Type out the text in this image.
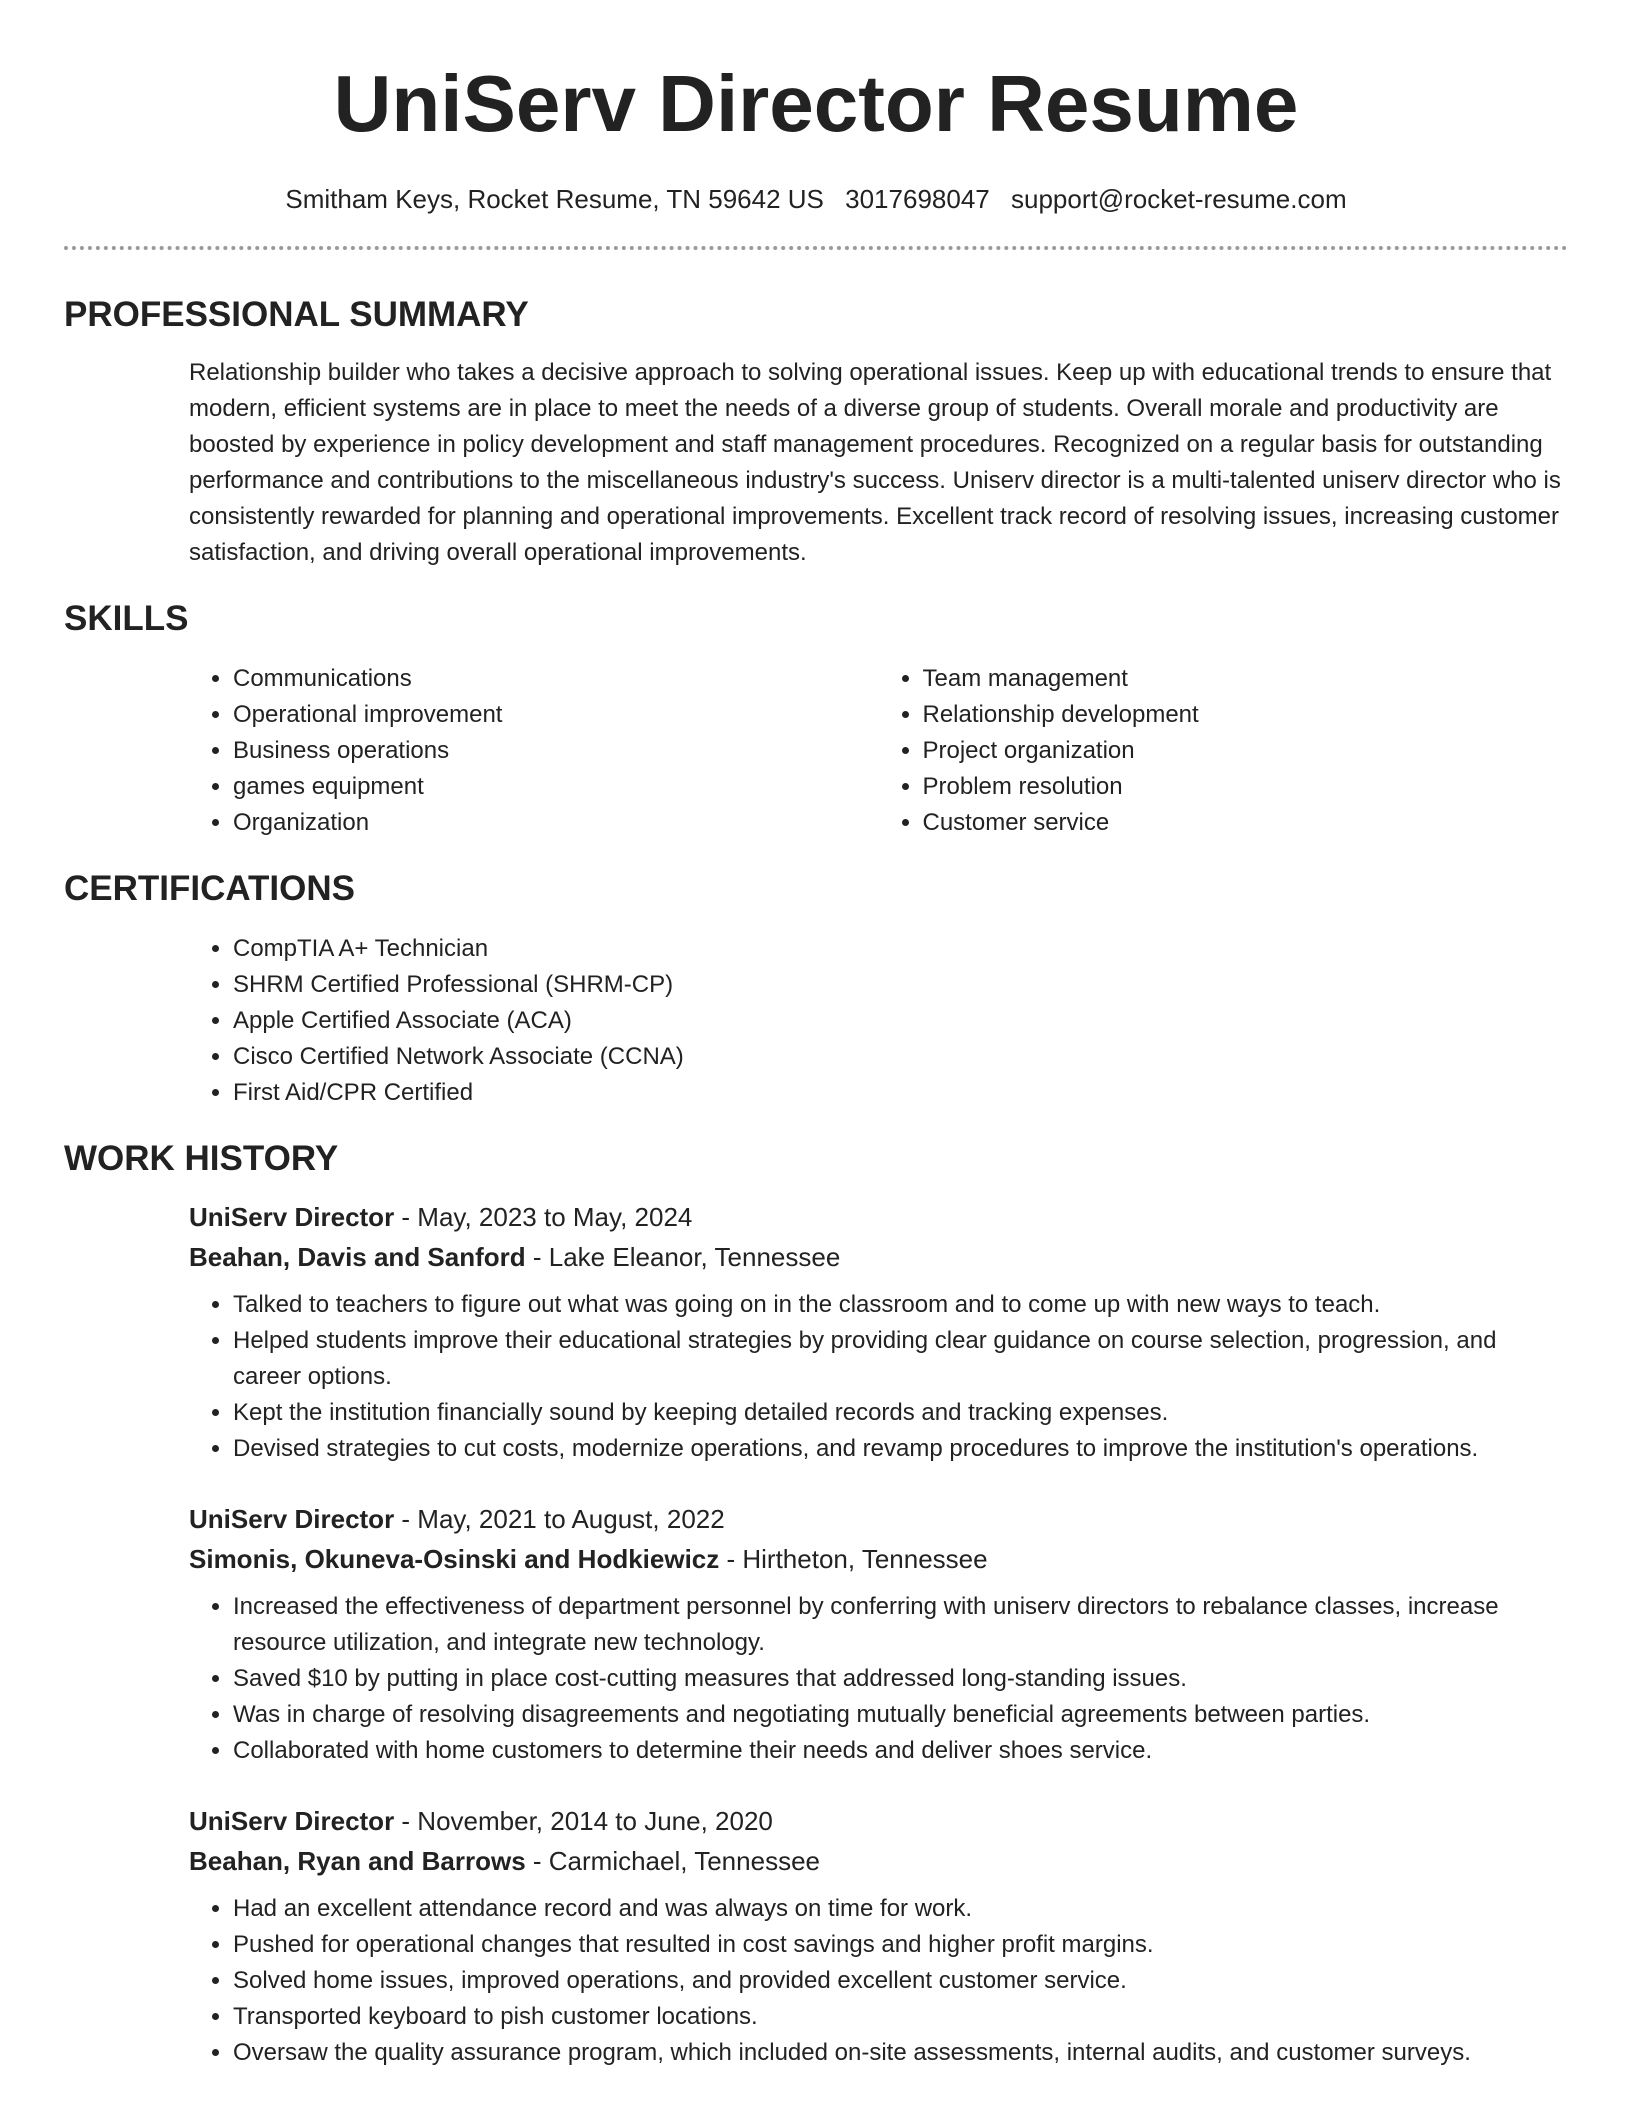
UniServ Director Resume
Smitham Keys, Rocket Resume, TN 59642 US 3017698047 support@rocket-resume.com
PROFESSIONAL SUMMARY

Relationship builder who takes a decisive approach to solving operational issues. Keep up with educational trends to ensure that modern, efficient systems are in place to meet the needs of a diverse group of students. Overall morale and productivity are boosted by experience in policy development and staff management procedures. Recognized on a regular basis for outstanding performance and contributions to the miscellaneous industry's success. Uniserv director is a multi-talented uniserv director who is consistently rewarded for planning and operational improvements. Excellent track record of resolving issues, increasing customer satisfaction, and driving overall operational improvements.

SKILLS
• Communications
• Operational improvement
• Business operations
• games equipment
• Organization
• Team management
• Relationship development
• Project organization
• Problem resolution
• Customer service
CERTIFICATIONS
• CompTIA A+ Technician
• SHRM Certified Professional (SHRM-CP)
• Apple Certified Associate (ACA)
• Cisco Certified Network Associate (CCNA)
• First Aid/CPR Certified
WORK HISTORY
UniServ Director - May, 2023 to May, 2024
Beahan, Davis and Sanford - Lake Eleanor, Tennessee
• Talked to teachers to figure out what was going on in the classroom and to come up with new ways to teach.
• Helped students improve their educational strategies by providing clear guidance on course selection, progression, and career options.
• Kept the institution financially sound by keeping detailed records and tracking expenses.
• Devised strategies to cut costs, modernize operations, and revamp procedures to improve the institution's operations.
UniServ Director - May, 2021 to August, 2022
Simonis, Okuneva-Osinski and Hodkiewicz - Hirtheton, Tennessee
• Increased the effectiveness of department personnel by conferring with uniserv directors to rebalance classes, increase resource utilization, and integrate new technology.
• Saved $10 by putting in place cost-cutting measures that addressed long-standing issues.
• Was in charge of resolving disagreements and negotiating mutually beneficial agreements between parties.
• Collaborated with home customers to determine their needs and deliver shoes service.
UniServ Director - November, 2014 to June, 2020
Beahan, Ryan and Barrows - Carmichael, Tennessee
• Had an excellent attendance record and was always on time for work.
• Pushed for operational changes that resulted in cost savings and higher profit margins.
• Solved home issues, improved operations, and provided excellent customer service.
• Transported keyboard to pish customer locations.
• Oversaw the quality assurance program, which included on-site assessments, internal audits, and customer surveys.
